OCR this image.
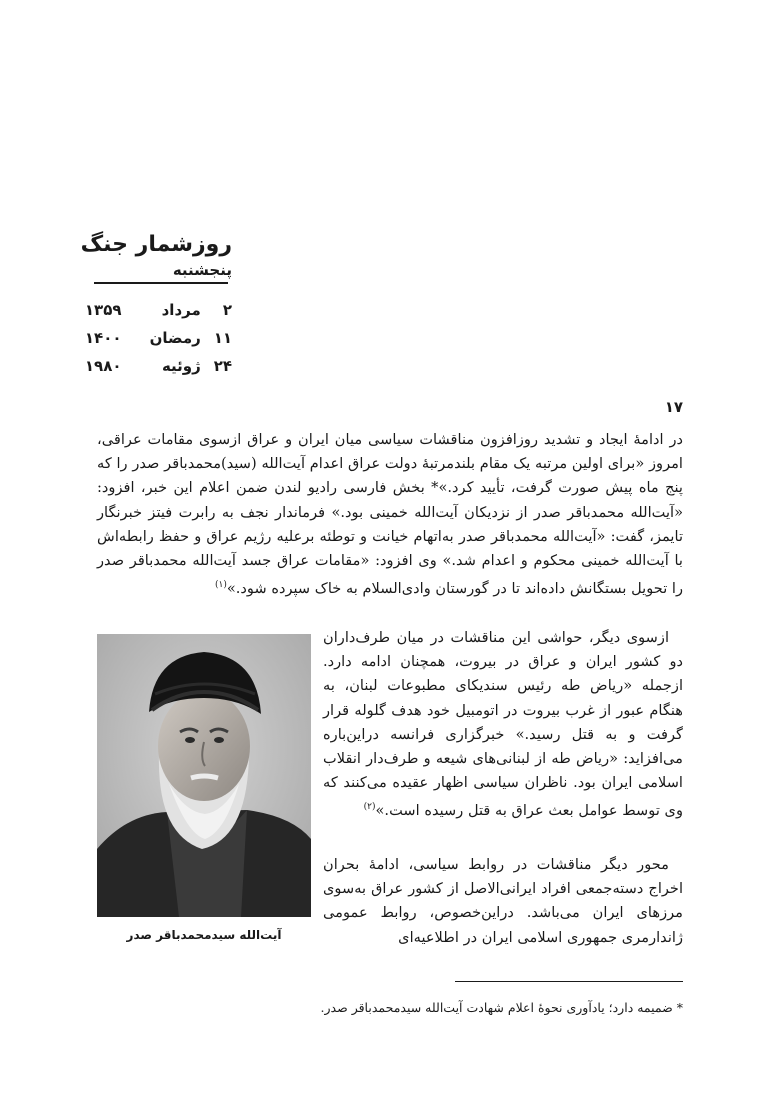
روزشمار جنگ
پنجشنبه
۲ مرداد ۱۳۵۹
۱۱ رمضان ۱۴۰۰
۲۴ ژوئیه ۱۹۸۰
۱۷
در ادامهٔ ایجاد و تشدید روزافزون مناقشات سیاسی میان ایران و عراق ازسوی مقامات عراقی، امروز «برای اولین مرتبه یک مقام بلندمرتبهٔ دولت عراق اعدام آیت‌الله (سید)محمدباقر صدر را که پنج ماه پیش صورت گرفت، تأیید کرد.»* بخش فارسی رادیو لندن ضمن اعلام این خبر، افزود: «آیت‌الله محمدباقر صدر از نزدیکان آیت‌الله خمینی بود.» فرماندار نجف به رابرت فیتز خبرنگار تایمز، گفت: «آیت‌الله محمدباقر صدر به‌اتهام خیانت و توطئه برعلیه رژیم عراق و حفظ رابطه‌اش با آیت‌الله خمینی محکوم و اعدام شد.» وی افزود: «مقامات عراق جسد آیت‌الله محمدباقر صدر را تحویل بستگانش داده‌اند تا در گورستان وادی‌السلام به خاک سپرده شود.»$^{(۱)}$
آیت‌الله سیدمحمدباقر صدر
ازسوی دیگر، حواشی این مناقشات در میان طرف‌داران دو کشور ایران و عراق در بیروت، همچنان ادامه دارد. ازجمله «ریاض طه رئیس سندیکای مطبوعات لبنان، به هنگام عبور از غرب بیروت در اتومبیل خود هدف گلوله قرار گرفت و به قتل رسید.» خبرگزاری فرانسه دراین‌باره می‌افزاید: «ریاض طه از لبنانی‌های شیعه و طرف‌دار انقلاب اسلامی ایران بود. ناظران سیاسی اظهار عقیده می‌کنند که وی توسط عوامل بعث عراق به قتل رسیده است.»$^{(۲)}$
محور دیگر مناقشات در روابط سیاسی، ادامهٔ بحران اخراج دسته‌جمعی افراد ایرانی‌الاصل از کشور عراق به‌سوی مرزهای ایران می‌باشد. دراین‌خصوص، روابط عمومی ژاندارمری جمهوری اسلامی ایران در اطلاعیه‌ای
* ضمیمه دارد؛ یادآوری نحوهٔ اعلام شهادت آیت‌الله سیدمحمدباقر صدر.
